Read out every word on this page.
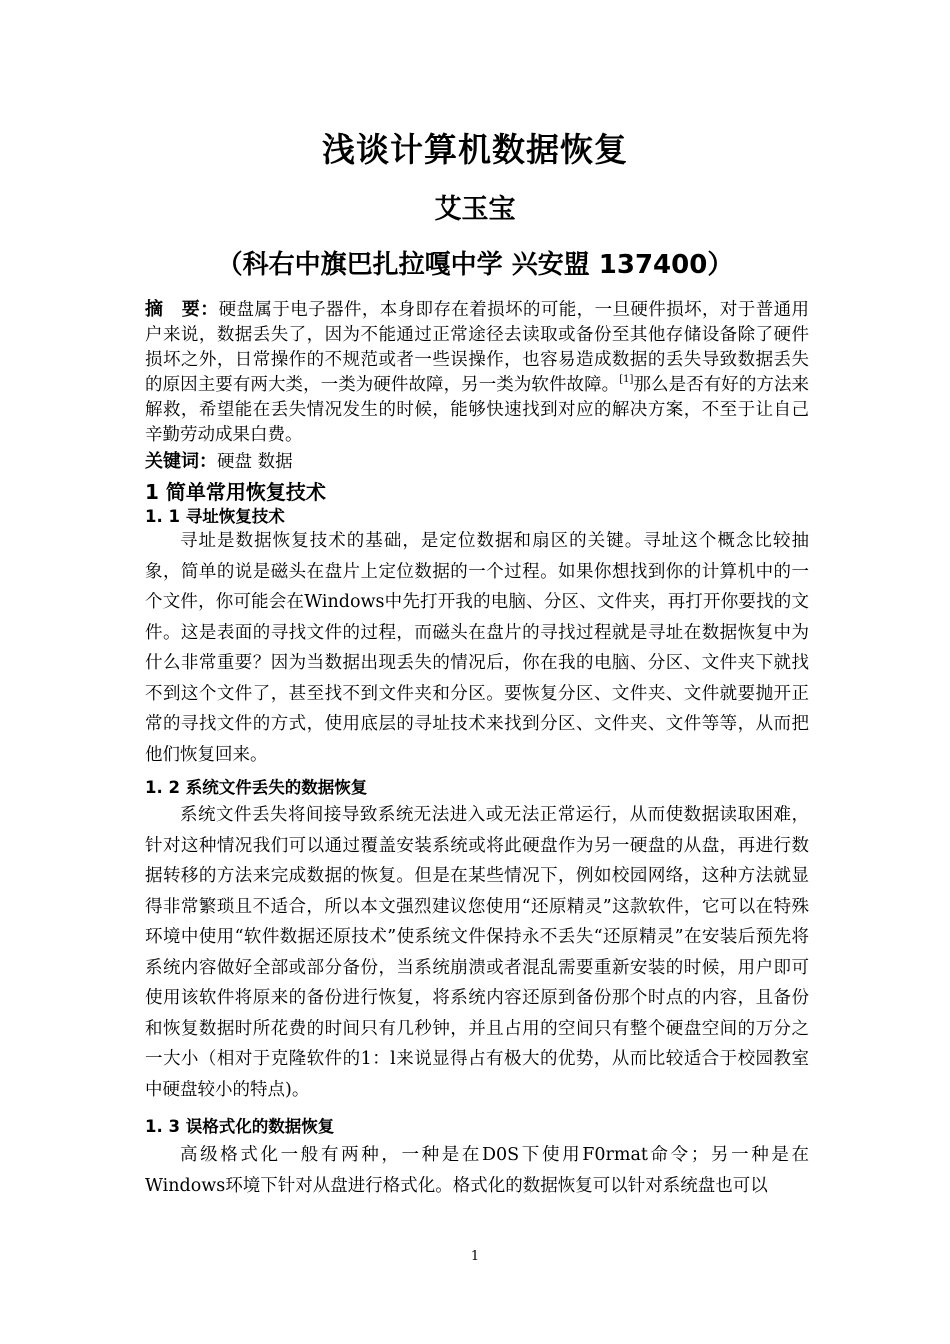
浅谈计算机数据恢复
艾玉宝
（科右中旗巴扎拉嘎中学 兴安盟 137400）
摘　要：硬盘属于电子器件，本身即存在着损坏的可能，一旦硬件损坏，对于普通用户来说，数据丢失了，因为不能通过正常途径去读取或备份至其他存储设备除了硬件损坏之外，日常操作的不规范或者一些误操作，也容易造成数据的丢失导致数据丢失的原因主要有两大类，一类为硬件故障，另一类为软件故障。[1]那么是否有好的方法来解救，希望能在丢失情况发生的时候，能够快速找到对应的解决方案，不至于让自己辛勤劳动成果白费。
关键词：硬盘 数据
1 简单常用恢复技术
1. 1 寻址恢复技术
寻址是数据恢复技术的基础，是定位数据和扇区的关键。寻址这个概念比较抽象，简单的说是磁头在盘片上定位数据的一个过程。如果你想找到你的计算机中的一个文件，你可能会在Windows中先打开我的电脑、分区、文件夹，再打开你要找的文件。这是表面的寻找文件的过程，而磁头在盘片的寻找过程就是寻址在数据恢复中为什么非常重要？因为当数据出现丢失的情况后，你在我的电脑、分区、文件夹下就找不到这个文件了，甚至找不到文件夹和分区。要恢复分区、文件夹、文件就要抛开正常的寻找文件的方式，使用底层的寻址技术来找到分区、文件夹、文件等等，从而把他们恢复回来。
1. 2 系统文件丢失的数据恢复
系统文件丢失将间接导致系统无法进入或无法正常运行，从而使数据读取困难，针对这种情况我们可以通过覆盖安装系统或将此硬盘作为另一硬盘的从盘，再进行数据转移的方法来完成数据的恢复。但是在某些情况下，例如校园网络，这种方法就显得非常繁琐且不适合，所以本文强烈建议您使用“还原精灵”这款软件，它可以在特殊环境中使用“软件数据还原技术”使系统文件保持永不丢失“还原精灵”在安装后预先将系统内容做好全部或部分备份，当系统崩溃或者混乱需要重新安装的时候，用户即可使用该软件将原来的备份进行恢复，将系统内容还原到备份那个时点的内容，且备份和恢复数据时所花费的时间只有几秒钟，并且占用的空间只有整个硬盘空间的万分之一大小（相对于克隆软件的1：l来说显得占有极大的优势，从而比较适合于校园教室中硬盘较小的特点)。
1. 3 误格式化的数据恢复
高级格式化一般有两种，一种是在D0S下使用F0rmat命令；另一种是在Windows环境下针对从盘进行格式化。格式化的数据恢复可以针对系统盘也可以
1
